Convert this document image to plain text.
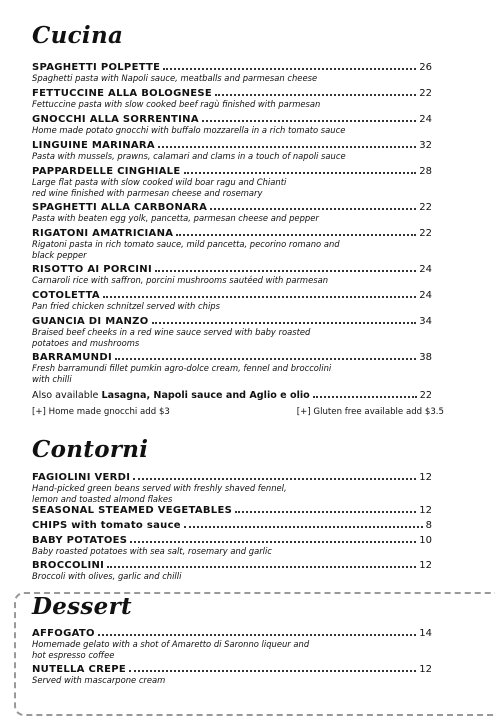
Cucina
SPAGHETTI POLPETTE	26
Spaghetti pasta with Napoli sauce, meatballs and parmesan cheese
FETTUCCINE ALLA BOLOGNESE	22
Fettuccine pasta with slow cooked beef ragù finished with parmesan
GNOCCHI ALLA SORRENTINA	24
Home made potato gnocchi with buffalo mozzarella in a rich tomato sauce
LINGUINE MARINARA	32
Pasta with mussels, prawns, calamari and clams in a touch of napoli sauce
PAPPARDELLE CINGHIALE	28
Large flat pasta with slow cooked wild boar ragu and Chianti
red wine finished with parmesan cheese and rosemary
SPAGHETTI ALLA CARBONARA	22
Pasta with beaten egg yolk, pancetta, parmesan cheese and pepper
RIGATONI AMATRICIANA	22
Rigatoni pasta in rich tomato sauce, mild pancetta, pecorino romano and
black pepper
RISOTTO AI PORCINI	24
Carnaroli rice with saffron, porcini mushrooms sautéed with parmesan
COTOLETTA	24
Pan fried chicken schnitzel served with chips
GUANCIA DI MANZO	34
Braised beef cheeks in a red wine sauce served with baby roasted
potatoes and mushrooms
BARRAMUNDI	38
Fresh barramundi fillet pumkin agro-dolce cream, fennel and broccolini
with chilli
Also available Lasagna, Napoli sauce and Aglio e olio	22
[+] Home made gnocchi add $3	[+] Gluten free available add $3.5
Contorni
FAGIOLINI VERDI	12
Hand-picked green beans served with freshly shaved fennel,
lemon and toasted almond flakes
SEASONAL STEAMED VEGETABLES	12
CHIPS with tomato sauce	8
BABY POTATOES	10
Baby roasted potatoes with sea salt, rosemary and garlic
BROCCOLINI	12
Broccoli with olives, garlic and chilli
Dessert
AFFOGATO	14
Homemade gelato with a shot of Amaretto di Saronno liqueur and
hot espresso coffee
NUTELLA CREPE	12
Served with mascarpone cream
